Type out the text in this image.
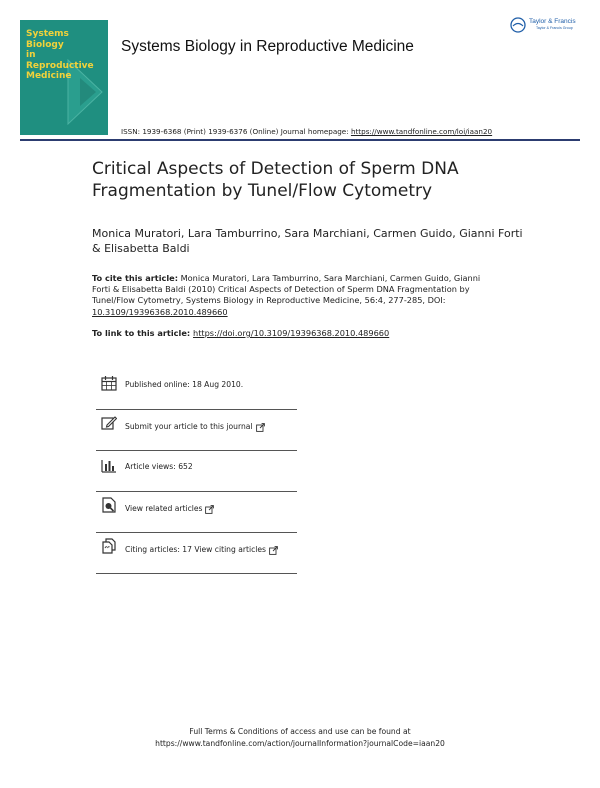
Systems Biology
in Reproductive
Medicine
Systems Biology in Reproductive Medicine
Taylor & Francis
Taylor & Francis Group
ISSN: 1939-6368 (Print) 1939-6376 (Online) Journal homepage: https://www.tandfonline.com/loi/iaan20
Critical Aspects of Detection of Sperm DNA Fragmentation by Tunel/Flow Cytometry
Monica Muratori, Lara Tamburrino, Sara Marchiani, Carmen Guido, Gianni Forti & Elisabetta Baldi
To cite this article: Monica Muratori, Lara Tamburrino, Sara Marchiani, Carmen Guido, Gianni Forti & Elisabetta Baldi (2010) Critical Aspects of Detection of Sperm DNA Fragmentation by Tunel/Flow Cytometry, Systems Biology in Reproductive Medicine, 56:4, 277-285, DOI: 10.3109/19396368.2010.489660
To link to this article: https://doi.org/10.3109/19396368.2010.489660
Published online: 18 Aug 2010.
Submit your article to this journal
Article views: 652
View related articles
Citing articles: 17 View citing articles
Full Terms & Conditions of access and use can be found at
https://www.tandfonline.com/action/journalInformation?journalCode=iaan20
